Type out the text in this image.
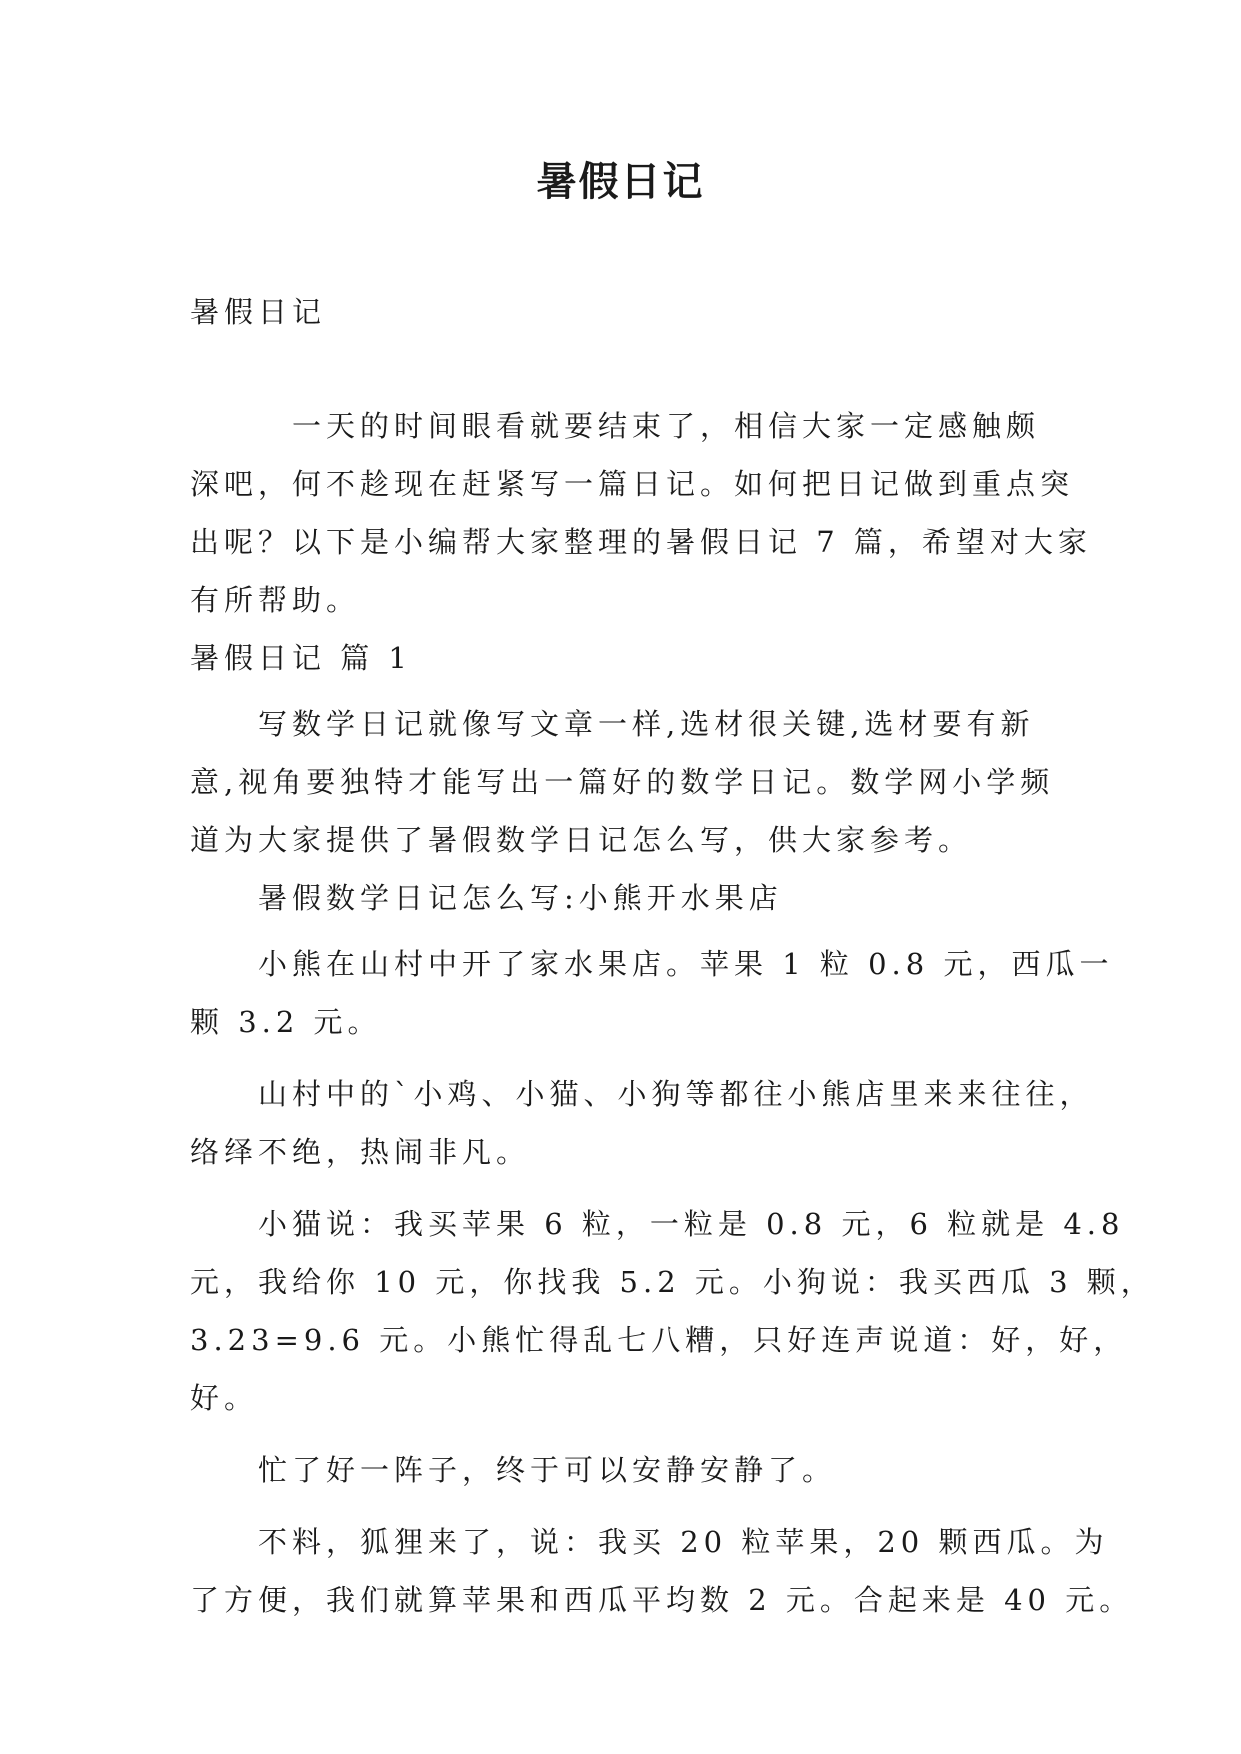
暑假日记
暑假日记
　　　一天的时间眼看就要结束了，相信大家一定感触颇
深吧，何不趁现在赶紧写一篇日记。如何把日记做到重点突
出呢？以下是小编帮大家整理的暑假日记 7 篇，希望对大家
有所帮助。
暑假日记 篇 1
　　写数学日记就像写文章一样,选材很关键,选材要有新
意,视角要独特才能写出一篇好的数学日记。数学网小学频
道为大家提供了暑假数学日记怎么写，供大家参考。
　　暑假数学日记怎么写:小熊开水果店
　　小熊在山村中开了家水果店。苹果 1 粒 0.8 元，西瓜一
颗 3.2 元。
　　山村中的`小鸡、小猫、小狗等都往小熊店里来来往往，
络绎不绝，热闹非凡。
　　小猫说：我买苹果 6 粒，一粒是 0.8 元，6 粒就是 4.8
元，我给你 10 元，你找我 5.2 元。小狗说：我买西瓜 3 颗，
3.23=9.6 元。小熊忙得乱七八糟，只好连声说道：好，好，
好。
　　忙了好一阵子，终于可以安静安静了。
　　不料，狐狸来了，说：我买 20 粒苹果，20 颗西瓜。为
了方便，我们就算苹果和西瓜平均数 2 元。合起来是 40 元。
